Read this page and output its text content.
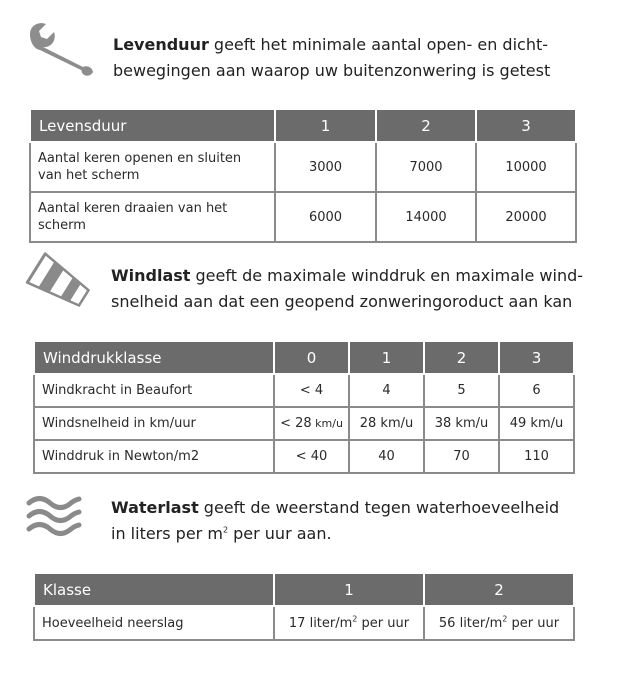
Levenduur geeft het minimale aantal open- en dicht-
bewegingen aan waarop uw buitenzonwering is getest
Levensduur	1	2	3
Aantal keren openen en sluiten
van het scherm	3000	7000	10000
Aantal keren draaien van het
scherm	6000	14000	20000
Windlast geeft de maximale winddruk en maximale wind-
snelheid aan dat een geopend zonweringoroduct aan kan
Winddrukklasse	0	1	2	3
Windkracht in Beaufort	< 4	4	5	6
Windsnelheid in km/uur	< 28 km/u	28 km/u	38 km/u	49 km/u
Winddruk in Newton/m2	< 40	40	70	110
Waterlast geeft de weerstand tegen waterhoeveelheid
in liters per $m^2$ per uur aan.
Klasse	1	2
Hoeveelheid neerslag	17 liter/$m^2$ per uur	56 liter/$m^2$ per uur
